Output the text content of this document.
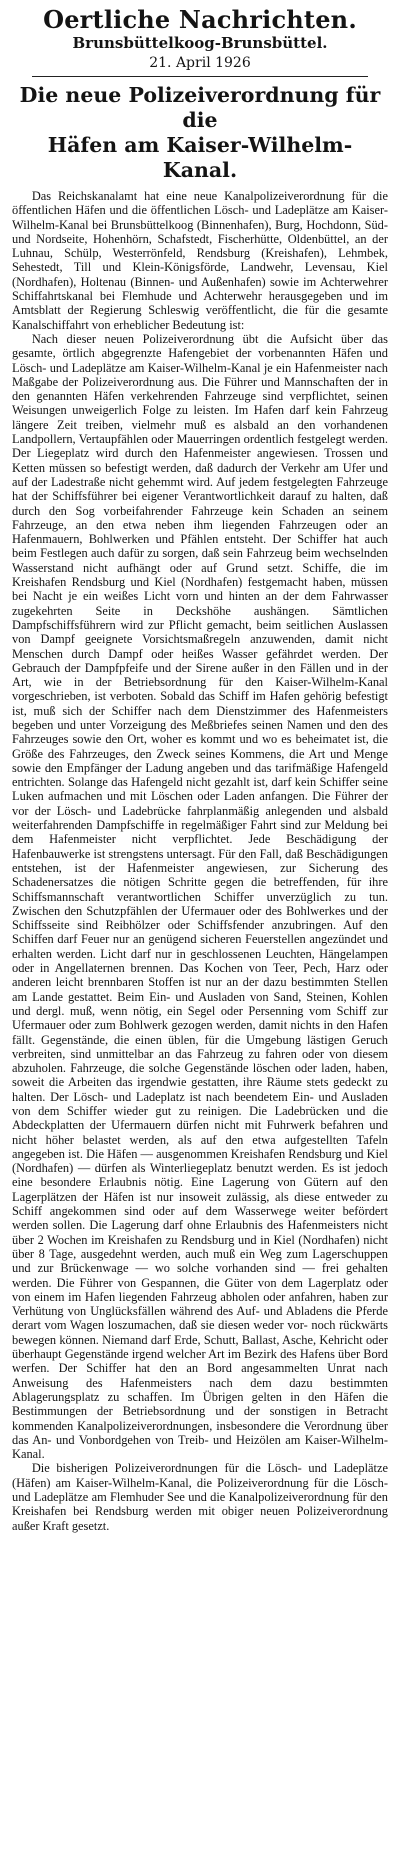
Oertliche Nachrichten.
Brunsbüttelkoog-Brunsbüttel.
21. April 1926
Die neue Polizeiverordnung für die
Häfen am Kaiser-Wilhelm-Kanal.

Das Reichskanalamt hat eine neue Kanalpolizeiverordnung für die öffentlichen Häfen und die öffentlichen Lösch- und Ladeplätze am Kaiser-Wilhelm-Kanal bei Brunsbüttelkoog (Binnenhafen), Burg, Hochdonn, Süd- und Nordseite, Hohenhörn, Schafstedt, Fischerhütte, Oldenbüttel, an der Luhnau, Schülp, Westerrönfeld, Rendsburg (Kreishafen), Lehmbek, Sehestedt, Till und Klein-Königsförde, Landwehr, Levensau, Kiel (Nordhafen), Holtenau (Binnen- und Außenhafen) sowie im Achterwehrer Schiffahrtskanal bei Flemhude und Achterwehr herausgegeben und im Amtsblatt der Regierung Schleswig veröffentlicht, die für die gesamte Kanalschiffahrt von erheblicher Bedeutung ist:

Nach dieser neuen Polizeiverordnung übt die Aufsicht über das gesamte, örtlich abgegrenzte Hafengebiet der vorbenannten Häfen und Lösch- und Ladeplätze am Kaiser-Wilhelm-Kanal je ein Hafenmeister nach Maßgabe der Polizeiverordnung aus. Die Führer und Mannschaften der in den genannten Häfen verkehrenden Fahrzeuge sind verpflichtet, seinen Weisungen unweigerlich Folge zu leisten. Im Hafen darf kein Fahrzeug längere Zeit treiben, vielmehr muß es alsbald an den vorhandenen Landpollern, Vertaupfählen oder Mauerringen ordentlich festgelegt werden. Der Liegeplatz wird durch den Hafenmeister angewiesen. Trossen und Ketten müssen so befestigt werden, daß dadurch der Verkehr am Ufer und auf der Ladestraße nicht gehemmt wird. Auf jedem festgelegten Fahrzeuge hat der Schiffsführer bei eigener Verantwortlichkeit darauf zu halten, daß durch den Sog vorbeifahrender Fahrzeuge kein Schaden an seinem Fahrzeuge, an den etwa neben ihm liegenden Fahrzeugen oder an Hafenmauern, Bohlwerken und Pfählen entsteht. Der Schiffer hat auch beim Festlegen auch dafür zu sorgen, daß sein Fahrzeug beim wechselnden Wasserstand nicht aufhängt oder auf Grund setzt. Schiffe, die im Kreishafen Rendsburg und Kiel (Nordhafen) festgemacht haben, müssen bei Nacht je ein weißes Licht vorn und hinten an der dem Fahrwasser zugekehrten Seite in Deckshöhe aushängen. Sämtlichen Dampfschiffsführern wird zur Pflicht gemacht, beim seitlichen Auslassen von Dampf geeignete Vorsichtsmaßregeln anzuwenden, damit nicht Menschen durch Dampf oder heißes Wasser gefährdet werden. Der Gebrauch der Dampfpfeife und der Sirene außer in den Fällen und in der Art, wie in der Betriebsordnung für den Kaiser-Wilhelm-Kanal vorgeschrieben, ist verboten. Sobald das Schiff im Hafen gehörig befestigt ist, muß sich der Schiffer nach dem Dienstzimmer des Hafenmeisters begeben und unter Vorzeigung des Meßbriefes seinen Namen und den des Fahrzeuges sowie den Ort, woher es kommt und wo es beheimatet ist, die Größe des Fahrzeuges, den Zweck seines Kommens, die Art und Menge sowie den Empfänger der Ladung angeben und das tarifmäßige Hafengeld entrichten. Solange das Hafengeld nicht gezahlt ist, darf kein Schiffer seine Luken aufmachen und mit Löschen oder Laden anfangen. Die Führer der vor der Lösch- und Ladebrücke fahrplanmäßig anlegenden und alsbald weiterfahrenden Dampfschiffe in regelmäßiger Fahrt sind zur Meldung bei dem Hafenmeister nicht verpflichtet. Jede Beschädigung der Hafenbauwerke ist strengstens untersagt. Für den Fall, daß Beschädigungen entstehen, ist der Hafenmeister angewiesen, zur Sicherung des Schadenersatzes die nötigen Schritte gegen die betreffenden, für ihre Schiffsmannschaft verantwortlichen Schiffer unverzüglich zu tun. Zwischen den Schutzpfählen der Ufermauer oder des Bohlwerkes und der Schiffsseite sind Reibhölzer oder Schiffsfender anzubringen. Auf den Schiffen darf Feuer nur an genügend sicheren Feuerstellen angezündet und erhalten werden. Licht darf nur in geschlossenen Leuchten, Hängelampen oder in Angellaternen brennen. Das Kochen von Teer, Pech, Harz oder anderen leicht brennbaren Stoffen ist nur an der dazu bestimmten Stellen am Lande gestattet. Beim Ein- und Ausladen von Sand, Steinen, Kohlen und dergl. muß, wenn nötig, ein Segel oder Persenning vom Schiff zur Ufermauer oder zum Bohlwerk gezogen werden, damit nichts in den Hafen fällt. Gegenstände, die einen üblen, für die Umgebung lästigen Geruch verbreiten, sind unmittelbar an das Fahrzeug zu fahren oder von diesem abzuholen. Fahrzeuge, die solche Gegenstände löschen oder laden, haben, soweit die Arbeiten das irgendwie gestatten, ihre Räume stets gedeckt zu halten. Der Lösch- und Ladeplatz ist nach beendetem Ein- und Ausladen von dem Schiffer wieder gut zu reinigen. Die Ladebrücken und die Abdeckplatten der Ufermauern dürfen nicht mit Fuhrwerk befahren und nicht höher belastet werden, als auf den etwa aufgestellten Tafeln angegeben ist. Die Häfen — ausgenommen Kreishafen Rendsburg und Kiel (Nordhafen) — dürfen als Winterliegeplatz benutzt werden. Es ist jedoch eine besondere Erlaubnis nötig. Eine Lagerung von Gütern auf den Lagerplätzen der Häfen ist nur insoweit zulässig, als diese entweder zu Schiff angekommen sind oder auf dem Wasserwege weiter befördert werden sollen. Die Lagerung darf ohne Erlaubnis des Hafenmeisters nicht über 2 Wochen im Kreishafen zu Rendsburg und in Kiel (Nordhafen) nicht über 8 Tage, ausgedehnt werden, auch muß ein Weg zum Lagerschuppen und zur Brückenwage — wo solche vorhanden sind — frei gehalten werden. Die Führer von Gespannen, die Güter von dem Lagerplatz oder von einem im Hafen liegenden Fahrzeug abholen oder anfahren, haben zur Verhütung von Unglücksfällen während des Auf- und Abladens die Pferde derart vom Wagen loszumachen, daß sie diesen weder vor- noch rückwärts bewegen können. Niemand darf Erde, Schutt, Ballast, Asche, Kehricht oder überhaupt Gegenstände irgend welcher Art im Bezirk des Hafens über Bord werfen. Der Schiffer hat den an Bord angesammelten Unrat nach Anweisung des Hafenmeisters nach dem dazu bestimmten Ablagerungsplatz zu schaffen. Im Übrigen gelten in den Häfen die Bestimmungen der Betriebsordnung und der sonstigen in Betracht kommenden Kanalpolizeiverordnungen, insbesondere die Verordnung über das An- und Vonbordgehen von Treib- und Heizölen am Kaiser-Wilhelm-Kanal.

Die bisherigen Polizeiverordnungen für die Lösch- und Ladeplätze (Häfen) am Kaiser-Wilhelm-Kanal, die Polizeiverordnung für die Lösch- und Ladeplätze am Flemhuder See und die Kanalpolizeiverordnung für den Kreishafen bei Rendsburg werden mit obiger neuen Polizeiverordnung außer Kraft gesetzt.
